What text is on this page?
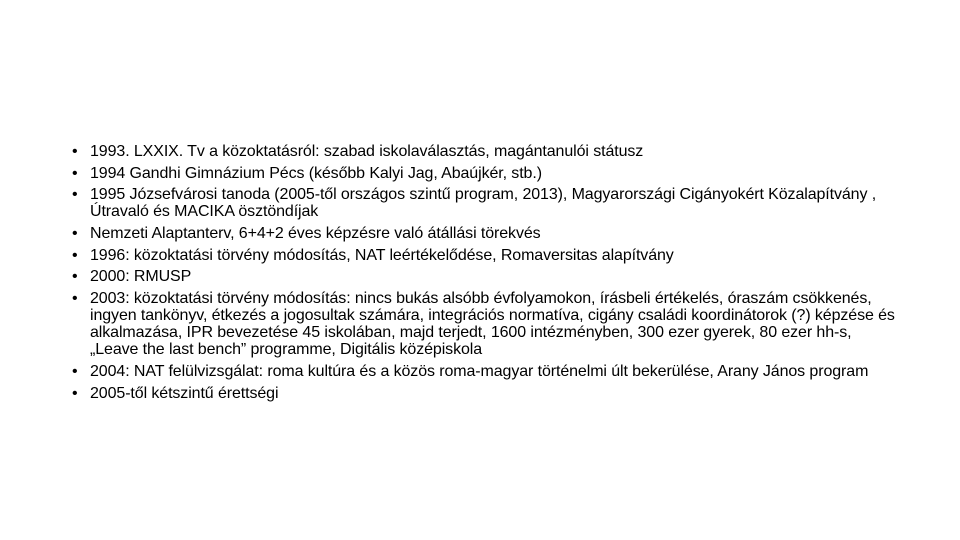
• 1993. LXXIX. Tv a közoktatásról: szabad iskolaválasztás, magántanulói státusz
• 1994 Gandhi Gimnázium Pécs (később Kalyi Jag, Abaújkér, stb.)
• 1995 Józsefvárosi tanoda (2005-től országos szintű program, 2013), Magyarországi Cigányokért Közalapítvány , Útravaló és MACIKA ösztöndíjak
• Nemzeti Alaptanterv, 6+4+2 éves képzésre való átállási törekvés
• 1996: közoktatási törvény módosítás, NAT leértékelődése, Romaversitas alapítvány
• 2000: RMUSP
• 2003: közoktatási törvény módosítás: nincs bukás alsóbb évfolyamokon, írásbeli értékelés, óraszám csökkenés, ingyen tankönyv, étkezés a jogosultak számára, integrációs normatíva, cigány családi koordinátorok (?) képzése és alkalmazása, IPR bevezetése 45 iskolában, majd terjedt, 1600 intézményben, 300 ezer gyerek, 80 ezer hh-s, „Leave the last bench” programme, Digitális középiskola
• 2004: NAT felülvizsgálat: roma kultúra és a közös roma-magyar történelmi últ bekerülése, Arany János program
• 2005-től kétszintű érettségi
